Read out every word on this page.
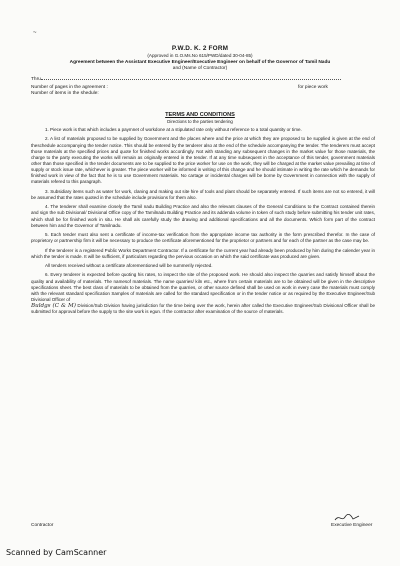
~
P.W.D. K. 2 FORM
(Approved in G.O.Ms.No 615/PWD/dated 30-04-85)
Agreement between the Assistant Executive Engineer/Executive Engineer on behalf of the Governor of Tamil Nadu
and (Name of Contractor)
Thru
Number of pages in the agreement :	for piece work
Number of items in the shedule:
TERMS AND CONDITIONS
Directions to the parties tendering

1. Piece work is that which includes a paymnet of workdone at a stipulated rate only without reference to a total quantity or time.

2. A list of materials proposed to be supplied by Government and the places where and the price at which they are proposed to be supplied is given at the end of theschedule accompanying the tender notice. This should be entered by the tenderer also at the end of the schedule accompanying the tender. The tenderers must accept those materials at the specified prices and quote for finished works accordingly. Not with standing any subsequent changes in the market value for those materials, the charge to the party executing the works will remain as originally entered in the tender. If at any time subsequent in the acceptance of this tender, government materials other than those specified in the tender documents are to be supplied to the price worker for use on the work, they will be charged at the market value prevailing at time of supply or stock issue rate, whichever is greater. The piece worker will be informed in writing of this change and he should intimate in writing the rate which he demands for finished work in view of the fact that he is to use Government materials. No cartage or incidental charges will be borne by Government in connection with the supply of materials refered to this paragraph.

3. Subsidiary items such as water for work, claning and making out site hire of tools and plant should be separately entered. If such items are not so entered, it will be assumed that the rates quoted in the schedule include provisions for them also.

4. The tenderer shall examine closely the Tamil nadu Building Practice and also the relevant clauses of the General Conditions to the Contract contained therein and sign the sub Divisional/ Divisional Office copy of the Tamilnadu Building Practice and its addenda volume in token of such study before submitting his tender unit rates, which shall be for finished work in situ. He shall als carefully study the drawing and additional specifications and all the documents. Which form part of the contract between him and the Governor of Tamilnadu.

5. Each tender must also sent a certificate of income-tax verification from the appropriate income tax authority in the form prescribed therefor. In the case of proprietory or partnership firm it will be necessary to produce the certificate aforementioned for the proprietor or partners and for each of the partner as the case may be.

If the tenderer is a registered Public Works Department Contractor. If a certificate for the current year had already been produced by him during the calender year in which the tender is made. It will be sufficient, if particulars regarding the pervious occasion on which the said certificate was produced are given.

All tenders received without a certificate aforementioned will be summerily rejected.

6. Every tenderer is expected before quoting his rates, to inspect the site of the proposed work. He should also inspect the quarries and satisfy himself about the quality and availability of materials. The namesof materials. The name quarries/ kiln etc., where from certain materials are to be obtained will be given in the descriptive specifications sheet. The best class of materials to be obtained from the quarries, or other source defined shall be used on work in every case the materials must comply with the relevant standard specification Samples of materials are called for the standard specification or in the tender notice or as required by the Executive Engineer/Sub Divisional Officer of

Buldgs (C & M) Division/Sub Division having jurisdiction for the time being over the work, herein after called the Executive Engineer/Sub Divisional Officer shall be submitted for approval before the supply to the site work is egun. If the contractor after examination of the source of materials.

Contractor	Executive Engineer
Scanned by CamScanner
